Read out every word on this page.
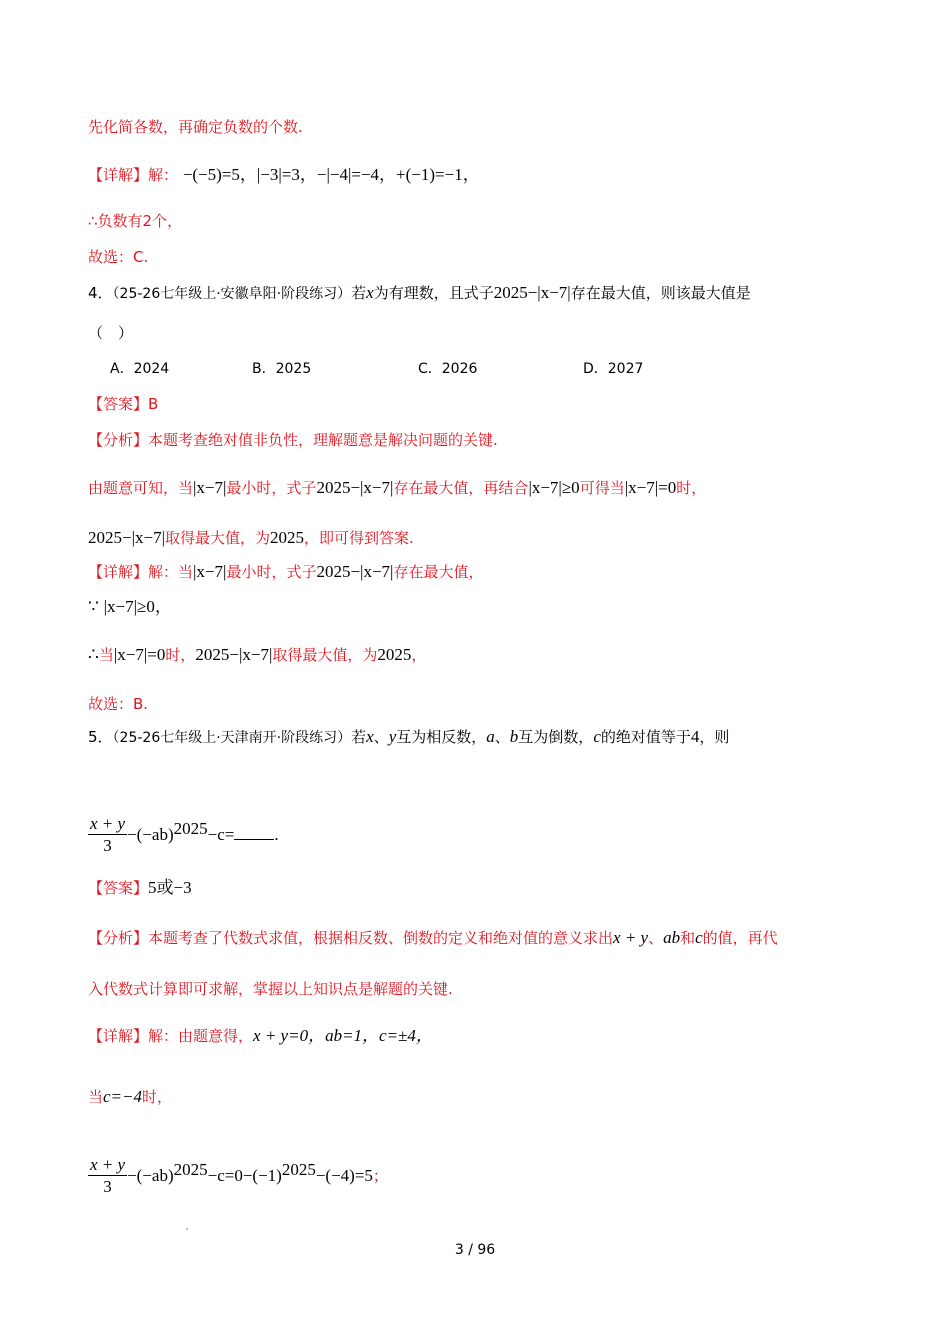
先化简各数，再确定负数的个数.
【详解】解： −(−5)=5，|−3|=3，−|−4|=−4，+(−1)=−1，
∴负数有2个，
故选：C.
4．（25-26七年级上·安徽阜阳·阶段练习）若x为有理数，且式子2025−|x−7|存在最大值，则该最大值是
（　）
A．2024	B．2025	C．2026	D．2027
【答案】B
【分析】本题考查绝对值非负性，理解题意是解决问题的关键.
由题意可知，当|x−7|最小时，式子2025−|x−7|存在最大值，再结合|x−7|≥0可得当|x−7|=0时，
2025−|x−7|取得最大值，为2025，即可得到答案.
【详解】解：当|x−7|最小时，式子2025−|x−7|存在最大值，
∵ |x−7|≥0，
∴当|x−7|=0时，2025−|x−7|取得最大值，为2025，
故选：B.
5．（25-26七年级上·天津南开·阶段练习）若x、y互为相反数，a、b互为倒数，c的绝对值等于4，则
$\frac{x + y}{3} -(-ab)^{2025}-c=$ .
【答案】5或−3
【分析】本题考查了代数式求值，根据相反数、倒数的定义和绝对值的意义求出x + y、ab和c的值，再代
入代数式计算即可求解，掌握以上知识点是解题的关键.
【详解】解：由题意得，x + y=0，ab=1，c=±4，
当c=−4时，
$\frac{x + y}{3} -(-ab)^{2025}-c=0-(-1)^{2025}-(-4)=5$；
3 / 96
